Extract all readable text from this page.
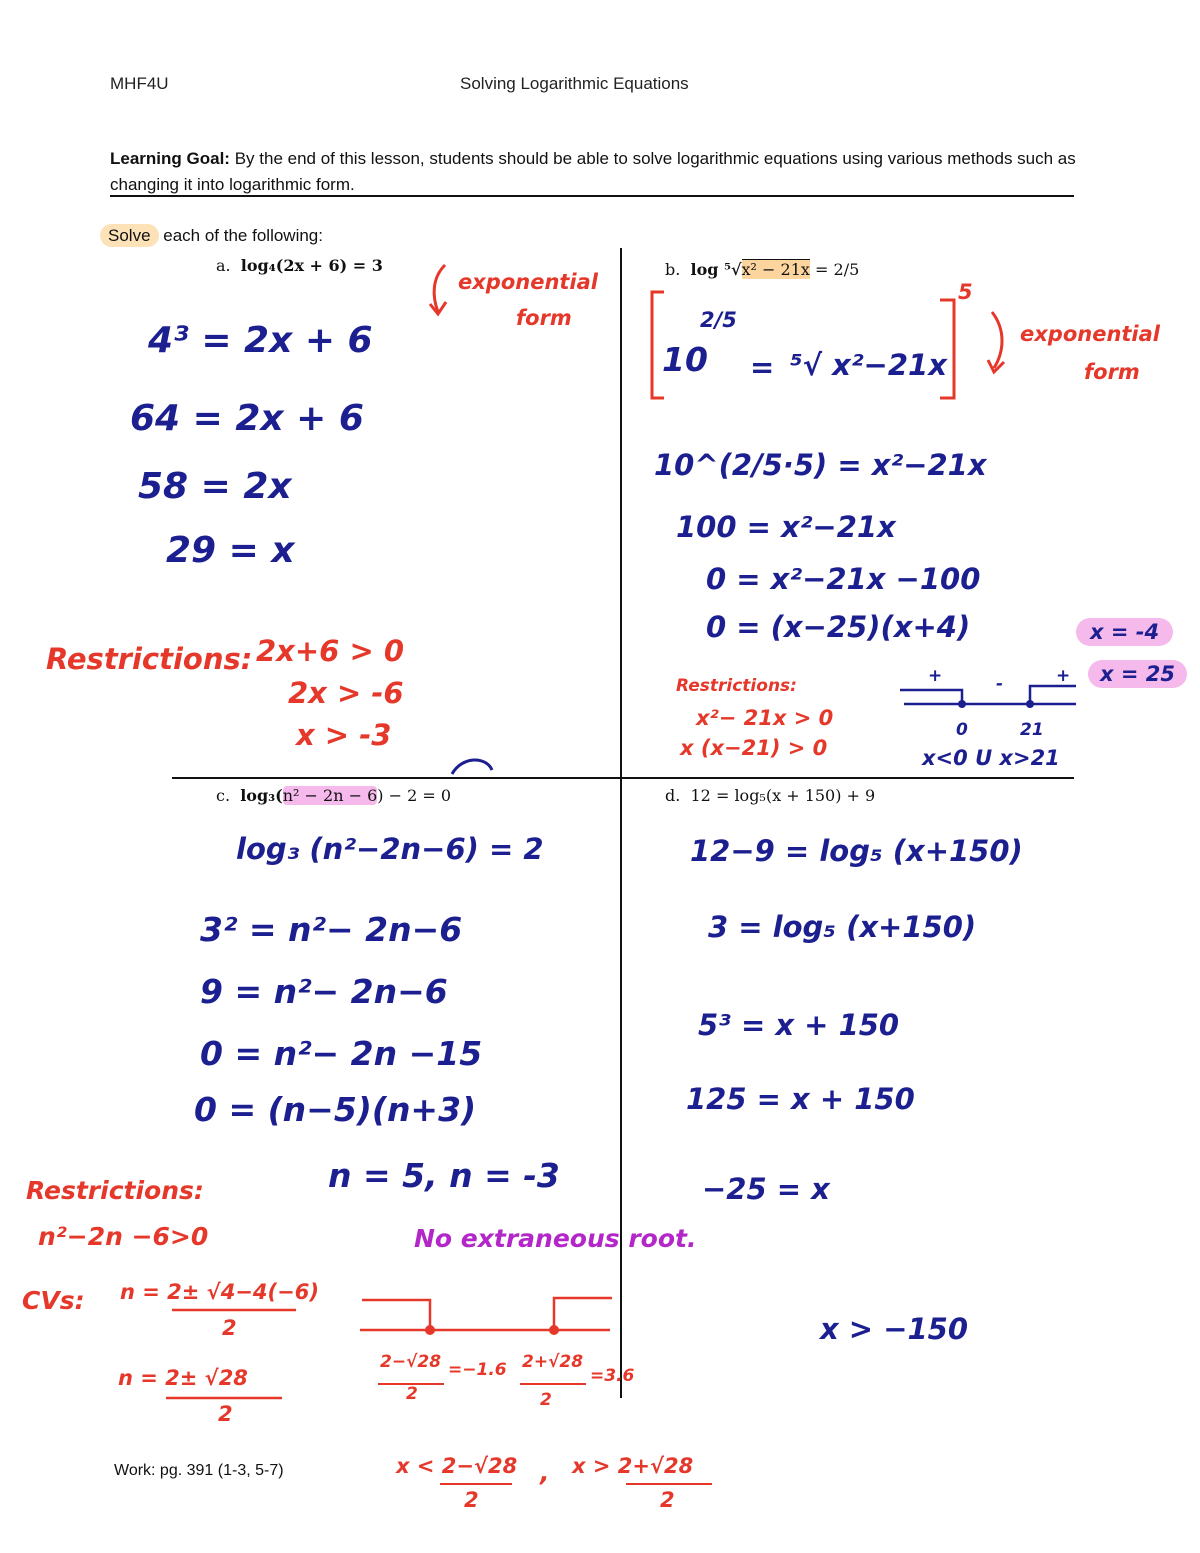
MHF4U	Solving Logarithmic Equations
Learning Goal: By the end of this lesson, students should be able to solve logarithmic equations using various methods such as changing it into logarithmic form.
Solve each of the following:
a. log₄(2x + 6) = 3	b. log ⁵√x² − 21x = 2/5
c. log₃(n² − 2n − 6) − 2 = 0	d. 12 = log₅(x + 150) + 9
exponential
form
4³ = 2x + 6
64 = 2x + 6
58 = 2x
29 = x
Restrictions: 2x+6 > 0
2x > -6
x > -3
10
2/5
= ⁵√ x²−21x
5
exponential
form
10^(2/5·5) = x²−21x
100 = x²−21x
0 = x²−21x −100
0 = (x−25)(x+4)	x = -4
x = 25
Restrictions:
x²− 21x > 0
x (x−21) > 0
+	-	+
0	21
x<0 U x>21
log₃ (n²−2n−6) = 2
3² = n²− 2n−6
9 = n²− 2n−6
0 = n²− 2n −15
0 = (n−5)(n+3)
n = 5, n = -3
Restrictions:
n²−2n −6>0
CVs: n = 2± √4−4(−6)
2
n = 2± √28
2
No extraneous root.
2−√28
2
=−1.6 2+√28
2
=3.6
x < 2−√28
2
, x > 2+√28
2
12−9 = log₅ (x+150)
3 = log₅ (x+150)
5³ = x + 150
125 = x + 150
−25 = x
x > −150
Work: pg. 391 (1-3, 5-7)
